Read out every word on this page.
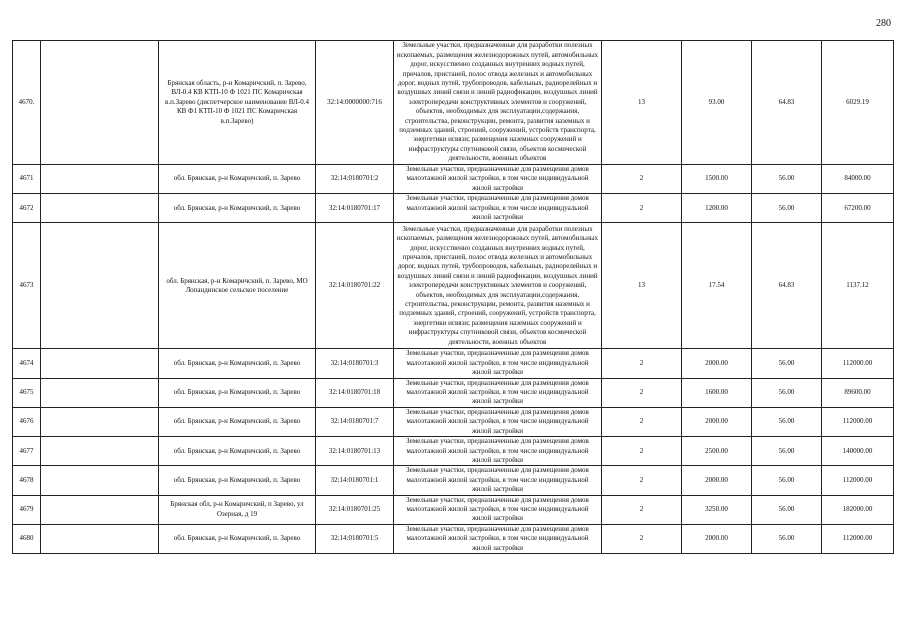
280
4670.		Брянская область, р-н Комаричский, п. Зарево, ВЛ-0.4 КВ КТП-10 Ф 1021 ПС Комаричская в.п.Зарево (диспетчерское наименование ВЛ-0.4 КВ Ф1 КТП-10 Ф 1021 ПС Комаричская в.п.Зарево)	32:14:0000000:716	Земельные участки, предназначенные для разработки полезных ископаемых, размещения железнодорожных путей, автомобильных дорог, искусственно созданных внутренних водных путей, причалов, пристаней, полос отвода железных и автомобильных дорог, водных путей, трубопроводов, кабельных, радиорелейных и воздушных линий связи и линий радиофикации, воздушных линий электропередачи конструктивных элементов и сооружений, объектов, необходимых для эксплуатации,содержания, строительства, реконструкции, ремонта, развития наземных и подземных зданий, строений, сооружений, устройств транспорта, энергетики исвязи; размещения наземных сооружений и инфраструктуры спутниковой связи, объектов космической деятельности, военных объектов	13	93.00	64.83	6029.19
4671		обл. Брянская, р-н Комаричский, п. Зарево	32:14:0180701:2	Земельные участки, предназначенные для размещения домов малоэтажной жилой застройки, в том числе индивидуальной жилой застройки	2	1500.00	56.00	84000.00
4672		обл. Брянская, р-н Комаричский, п. Зарево	32:14:0180701:17	Земельные участки, предназначенные для размещения домов малоэтажной жилой застройки, в том числе индивидуальной жилой застройки	2	1200.00	56.00	67200.00
4673		обл. Брянская, р-н Комаричский, п. Зарево, МО Лопандинское сельское поселение	32:14:0180701:22	Земельные участки, предназначенные для разработки полезных ископаемых, размещения железнодорожных путей, автомобильных дорог, искусственно созданных внутренних водных путей, причалов, пристаней, полос отвода железных и автомобильных дорог, водных путей, трубопроводов, кабельных, радиорелейных и воздушных линий связи и линий радиофикации, воздушных линий электропередачи конструктивных элементов и сооружений, объектов, необходимых для эксплуатации,содержания, строительства, реконструкции, ремонта, развития наземных и подземных зданий, строений, сооружений, устройств транспорта, энергетики исвязи; размещения наземных сооружений и инфраструктуры спутниковой связи, объектов космической деятельности, военных объектов	13	17.54	64.83	1137.12
4674		обл. Брянская, р-н Комаричский, п. Зарево	32:14:0180701:3	Земельные участки, предназначенные для размещения домов малоэтажной жилой застройки, в том числе индивидуальной жилой застройки	2	2000.00	56.00	112000.00
4675		обл. Брянская, р-н Комаричский, п. Зарево	32:14:0180701:18	Земельные участки, предназначенные для размещения домов малоэтажной жилой застройки, в том числе индивидуальной жилой застройки	2	1600.00	56.00	89600.00
4676		обл. Брянская, р-н Комаричский, п. Зарево	32:14:0180701:7	Земельные участки, предназначенные для размещения домов малоэтажной жилой застройки, в том числе индивидуальной жилой застройки	2	2000.00	56.00	112000.00
4677		обл. Брянская, р-н Комаричский, п. Зарево	32:14:0180701:13	Земельные участки, предназначенные для размещения домов малоэтажной жилой застройки, в том числе индивидуальной жилой застройки	2	2500.00	56.00	140000.00
4678		обл. Брянская, р-н Комаричский, п. Зарево	32:14:0180701:1	Земельные участки, предназначенные для размещения домов малоэтажной жилой застройки, в том числе индивидуальной жилой застройки	2	2000.00	56.00	112000.00
4679		Брянская обл, р-н Комаричский, п Зарево, ул Озерная, д 19	32:14:0180701:25	Земельные участки, предназначенные для размещения домов малоэтажной жилой застройки, в том числе индивидуальной жилой застройки	2	3250.00	56.00	182000.00
4680		обл. Брянская, р-н Комаричский, п. Зарево	32:14:0180701:5	Земельные участки, предназначенные для размещения домов малоэтажной жилой застройки, в том числе индивидуальной жилой застройки	2	2000.00	56.00	112000.00
